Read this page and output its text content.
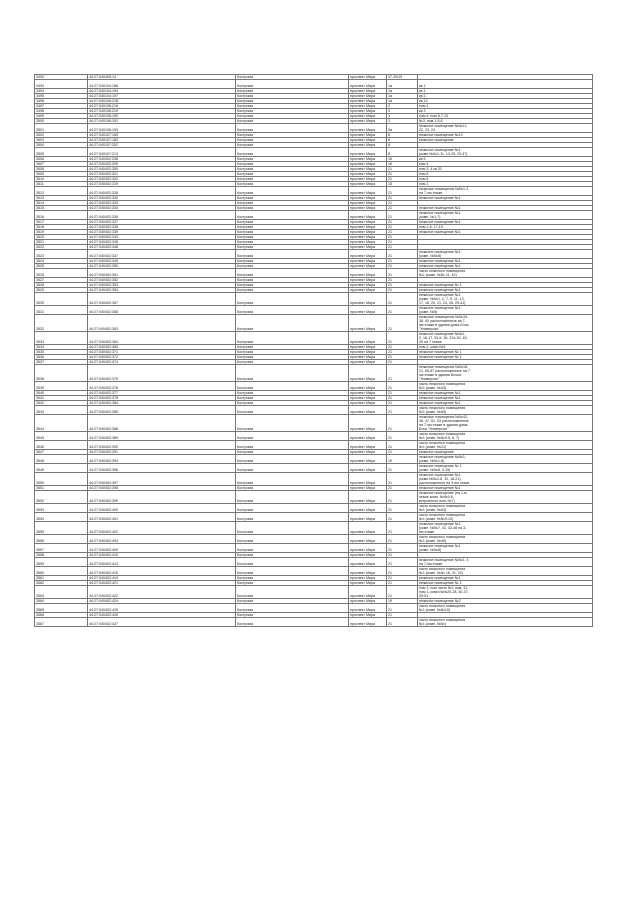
3492	44:27:040405:14	Кострома	проспект Мира	37-39/15	
3493	44:27:040104:188	Кострома	проспект Мира	1а	
кв 1
3494	44:27:040104:194	Кострома	проспект Мира	1а	кв 1
3495	44:27:040104:197	Кострома	проспект Мира	1а	кв 2
3496	44:27:040106:218	Кострома	проспект Мира	1а	кв 13
3497	44:27:040106:216	Кострома	проспект Мира	3	пом 1
3498	44:27:040106:219	Кострома	проспект Мира	3	кв 3
3499	44:27:040106:190	Кострома	проспект Мира	3	пом 4, пом 5,7-10
3500	44:27:040106:191	Кострома	проспект Мира	3	№3, пом 1-6,8
3501	44:27:040106:193	Кострома	проспект Мира	3а	нежилое помещение №№11,
22, 23, 24
3502	44:27:040107:165	Кострома	проспект Мира	8	нежилое помещение №13
3503	44:27:040107:183	Кострома	проспект Мира	8	нежилое помещение
3504	44:27:040107:202	Кострома	проспект Мира	8	
3505	44:27:040107:213	Кострома	проспект Мира	8	нежилое помещение №1
(комн №№1-11, 13-25, 29-37)
3506	44:27:040402:298	Кострома	проспект Мира	16	кв 5
3507	44:27:040402:299	Кострома	проспект Мира	16	пом 4
3508	44:27:040402:300	Кострома	проспект Мира	21	пом 3, 4 кв 31
3509	44:27:040402:301	Кострома	проспект Мира	21	пом 5
3510	44:27:040402:302	Кострома	проспект Мира	21	пом 6
3511	44:27:040402:319	Кострома	проспект Мира	16	пом 1
3512	44:27:040402:326	Кострома	проспект Мира	21	нежилые помещения №№1-3
на 7-ом этаже
3513	44:27:040402:330	Кострома	проспект Мира	21	нежилое помещение №1
3514	44:27:040402:333	Кострома	проспект Мира	21	
3515	44:27:040402:334	Кострома	проспект Мира	21	нежилое помещение №1
3516	44:27:040402:336	Кострома	проспект Мира	21	нежилое помещение №1
(комн. №1-7)
3517	44:27:040402:337	Кострома	проспект Мира	21	нежилое помещение №1
3518	44:27:040402:338	Кострома	проспект Мира	21	пом 1-6, 17-19
3519	44:27:040402:339	Кострома	проспект Мира	21	нежилое помещение №1
3520	44:27:040402:343	Кострома	проспект Мира	21	
3521	44:27:040402:345	Кострома	проспект Мира	21	
3522	44:27:040402:346	Кострома	проспект Мира	21	
3523	44:27:040402:347	Кострома	проспект Мира	21	нежилое помещение №1
(комн. №№8)
3524	44:27:040402:349	Кострома	проспект Мира	21	нежилое помещение №1
3525	44:27:040402:350	Кострома	проспект Мира	21	нежилое помещение №1
3526	44:27:040402:351	Кострома	проспект Мира	21	часть нежилого помещения
№1 (комн. №№ 11, 42)
3527	44:27:040402:352	Кострома	проспект Мира	21	
3528	44:27:040402:353	Кострома	проспект Мира	21	нежилое помещение № 1
3529	44:27:040402:354	Кострома	проспект Мира	21	нежилое помещение №1
3530	44:27:040402:357	Кострома	проспект Мира	21	нежилое помещение №1
(комн. №№1, 2, 7, 9, 11, 13,
17, 18, 20, 21, 24, 26, 29-41)
3531	44:27:040402:358	Кострома	проспект Мира	21	нежилое помещение №1
(комн. №5)
3532	44:27:040402:363	Кострома	проспект Мира	21	нежилые помещения №№34-
38, 40 расположенные на 7-
ом этаже в здании дома Блок
"Универсал"
3533	44:27:040402:364	Кострома	проспект Мира	21	нежилое помещение №№1,
2, 16-17, 33-5, 36, 37а-39, 45-
49 на 7 этаже
3534	44:27:040402:365	Кострома	проспект Мира	21	пом 1, комн №9
3535	44:27:040402:371	Кострома	проспект Мира	21	нежилое помещение № 1
3536	44:27:040402:372	Кострома	проспект Мира	21	нежилое помещение № 1
3537	44:27:040402:374	Кострома	проспект Мира	21	
3538	44:27:040402:375	Кострома	проспект Мира	21	нежилые помещения №№18-
21, 65-67 расположенные на 7
ом этаже в здании Блока
"Универсал"
3539	44:27:040402:376	Кострома	проспект Мира	21	часть нежилого помещения
№1 (комн. №43)
3540	44:27:040402:377	Кострома	проспект Мира	21	нежилое помещение №1
3541	44:27:040402:378	Кострома	проспект Мира	21	нежилое помещение №1
3542	44:27:040402:384	Кострома	проспект Мира	21	нежилое помещение №1
3543	44:27:040402:385	Кострома	проспект Мира	21	часть нежилого помещения
№1 (комн. №65)
3544	44:27:040402:388	Кострома	проспект Мира	21	нежилые помещения №№42,
46, 47, 51, 53 расположенные
на 7-ом этаже в здании дома
Блок "Универсал"
3545	44:27:040402:389	Кострома	проспект Мира	21	часть нежилого помещения
№1 (комн. №№9-5, 6, 7)
3546	44:27:040402:390	Кострома	проспект Мира	21	часть нежилого помещения
№1 (комн. №21)
3547	44:27:040402:391	Кострома	проспект Мира	21	нежилое помещение
3548	44:27:040402:394	Кострома	проспект Мира	19	нежилое помещение №№3,
(комн. №№1-8)
3549	44:27:040402:396	Кострома	проспект Мира	21	нежилое помещение № 1
(комн. №№8, 9-15)
3550	44:27:040402:397	Кострома	проспект Мира	21	нежилое помещение №1
(комн.№№2-8, 10, 18-21),
расположенное на 3-ем этаже
3551	44:27:040402:398	Кострома	проспект Мира	21	нежилое помещение №1
3552	44:27:040402:399	Кострома	проспект Мира	21	нежилое помещение (на 1-м
этаже комн. №№9-8,
встроенное пом. №7)
3553	44:27:040402:400	Кострома	проспект Мира	21	часть нежилого помещения
№1 (комн. №63)
3554	44:27:040402:401	Кострома	проспект Мира	21	часть нежилого помещения
№1 (комн. №№9-10)
3555	44:27:040402:402	Кострома	проспект Мира	21	нежилое помещение №1
(комн. №№7, 31, 42-48 на 3-
ем этаже
3556	44:27:040402:404	Кострома	проспект Мира	21	часть нежилого помещения
№1 (комн. №49)
3557	44:27:040402:409	Кострома	проспект Мира	21	нежилое помещение №1
(комн. №№8)
3558	44:27:040402:410	Кострома	проспект Мира	21	
3559	44:27:040402:413	Кострома	проспект Мира	21	нежилое помещение №№1, 4
на 7-ом этаже
3560	44:27:040402:415	Кострома	проспект Мира	21	часть нежилого помещения
№1 (комн. №№ 16, 31, 32)
3561	44:27:040402:419	Кострома	проспект Мира	21	нежилое помещение №1
3562	44:27:040402:421	Кострома	проспект Мира	21	нежилое помещение № 1
3563	44:27:040402:422	Кострома	проспект Мира	21	пом 1, пом часть №1 пом, 31,
пом 1, комн.№№20-28, 30-37,
39-51
3564	44:27:040402:424	Кострома	проспект Мира	19	нежилое помещение №2
3565	44:27:040402:425	Кострома	проспект Мира	21	часть нежилого помещения
№1 (комн. №№10)
3566	44:27:040402:426	Кострома	проспект Мира	21	
3567	44:27:040402:427	Кострома	проспект Мира	21	часть нежилого помещения
№1 (комн. №№)
